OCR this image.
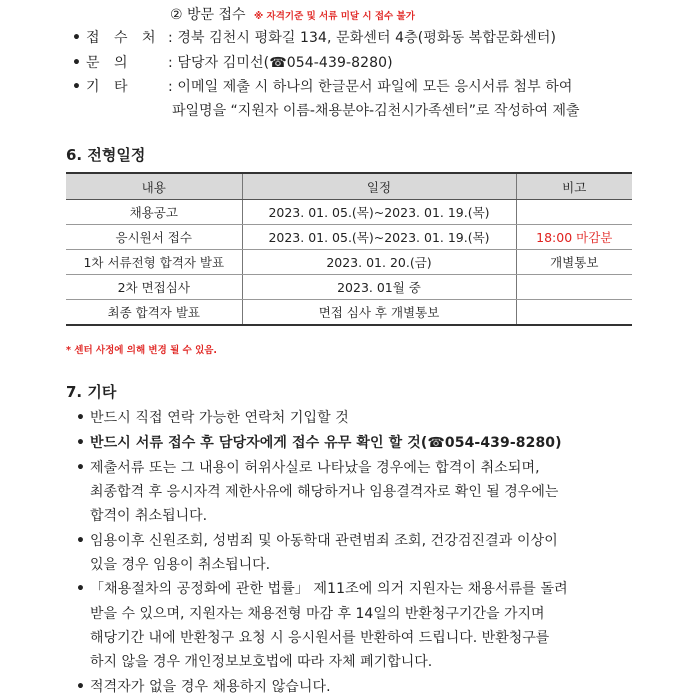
② 방문 접수 ※ 자격기준 및 서류 미달 시 접수 불가
• 접 수 처 : 경북 김천시 평화길 134, 문화센터 4층(평화동 복합문화센터)
• 문 의	: 담당자 김미선(☎054-439-8280)
• 기 타	: 이메일 제출 시 하나의 한글문서 파일에 모든 응시서류 첨부 하여
파일명을 “지원자 이름-채용분야-김천시가족센터”로 작성하여 제출
6. 전형일정
내용	일정	비고
채용공고	2023. 01. 05.(목)~2023. 01. 19.(목)	
응시원서 접수	2023. 01. 05.(목)~2023. 01. 19.(목)	18:00 마감분
1차 서류전형 합격자 발표	2023. 01. 20.(금)	개별통보
2차 면접심사	2023. 01월 중	
최종 합격자 발표	면접 심사 후 개별통보	
* 센터 사정에 의해 변경 될 수 있음.
7. 기타
• 반드시 직접 연락 가능한 연락처 기입할 것
• 반드시 서류 접수 후 담당자에게 접수 유무 확인 할 것(☎054-439-8280)
• 제출서류 또는 그 내용이 허위사실로 나타났을 경우에는 합격이 취소되며,
최종합격 후 응시자격 제한사유에 해당하거나 임용결격자로 확인 될 경우에는
합격이 취소됩니다.
• 임용이후 신원조회, 성범죄 및 아동학대 관련범죄 조회, 건강검진결과 이상이
있을 경우 임용이 취소됩니다.
• 「채용절차의 공정화에 관한 법률」 제11조에 의거 지원자는 채용서류를 돌려
받을 수 있으며, 지원자는 채용전형 마감 후 14일의 반환청구기간을 가지며
해당기간 내에 반환청구 요청 시 응시원서를 반환하여 드립니다. 반환청구를
하지 않을 경우 개인정보보호법에 따라 자체 폐기합니다.
• 적격자가 없을 경우 채용하지 않습니다.
